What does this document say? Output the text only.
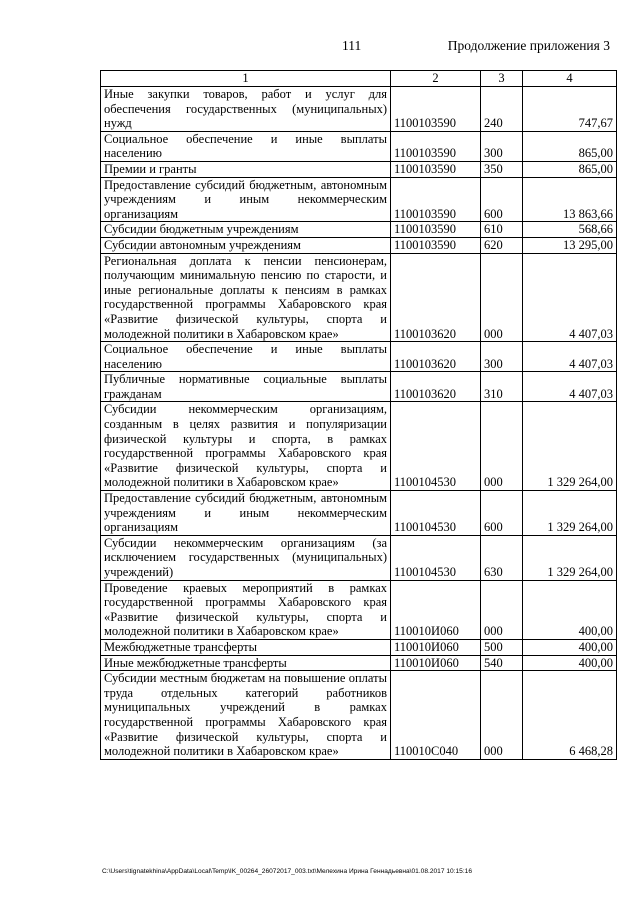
111	Продолжение приложения 3
1	2	3	4
Иные закупки товаров, работ и услуг для обеспечения государственных (муниципальных) нужд	1100103590	240	747,67
Социальное обеспечение и иные выплаты населению	1100103590	300	865,00
Премии и гранты	1100103590	350	865,00
Предоставление субсидий бюджетным, автономным учреждениям и иным некоммерческим организациям	1100103590	600	13 863,66
Субсидии бюджетным учреждениям	1100103590	610	568,66
Субсидии автономным учреждениям	1100103590	620	13 295,00
Региональная доплата к пенсии пенсионерам, получающим минимальную пенсию по старости, и иные региональные доплаты к пенсиям в рамках государственной программы Хабаровского края «Развитие физической культуры, спорта и молодежной политики в Хабаровском крае»	1100103620	000	4 407,03
Социальное обеспечение и иные выплаты населению	1100103620	300	4 407,03
Публичные нормативные социальные выплаты гражданам	1100103620	310	4 407,03
Субсидии некоммерческим организациям, созданным в целях развития и популяризации физической культуры и спорта, в рамках государственной программы Хабаровского края «Развитие физической культуры, спорта и молодежной политики в Хабаровском крае»	1100104530	000	1 329 264,00
Предоставление субсидий бюджетным, автономным учреждениям и иным некоммерческим организациям	1100104530	600	1 329 264,00
Субсидии некоммерческим организациям (за исключением государственных (муниципальных) учреждений)	1100104530	630	1 329 264,00
Проведение краевых мероприятий в рамках государственной программы Хабаровского края «Развитие физической культуры, спорта и молодежной политики в Хабаровском крае»	110010И060	000	400,00
Межбюджетные трансферты	110010И060	500	400,00
Иные межбюджетные трансферты	110010И060	540	400,00
Субсидии местным бюджетам на повышение оплаты труда отдельных категорий работников муниципальных учреждений в рамках государственной программы Хабаровского края «Развитие физической культуры, спорта и молодежной политики в Хабаровском крае»	110010С040	000	6 468,28
C:\Users\tignatekhina\AppData\Local\Temp\IK_00264_26072017_003.txt\Мелехина Ирина Геннадьевна\01.08.2017 10:15:16
